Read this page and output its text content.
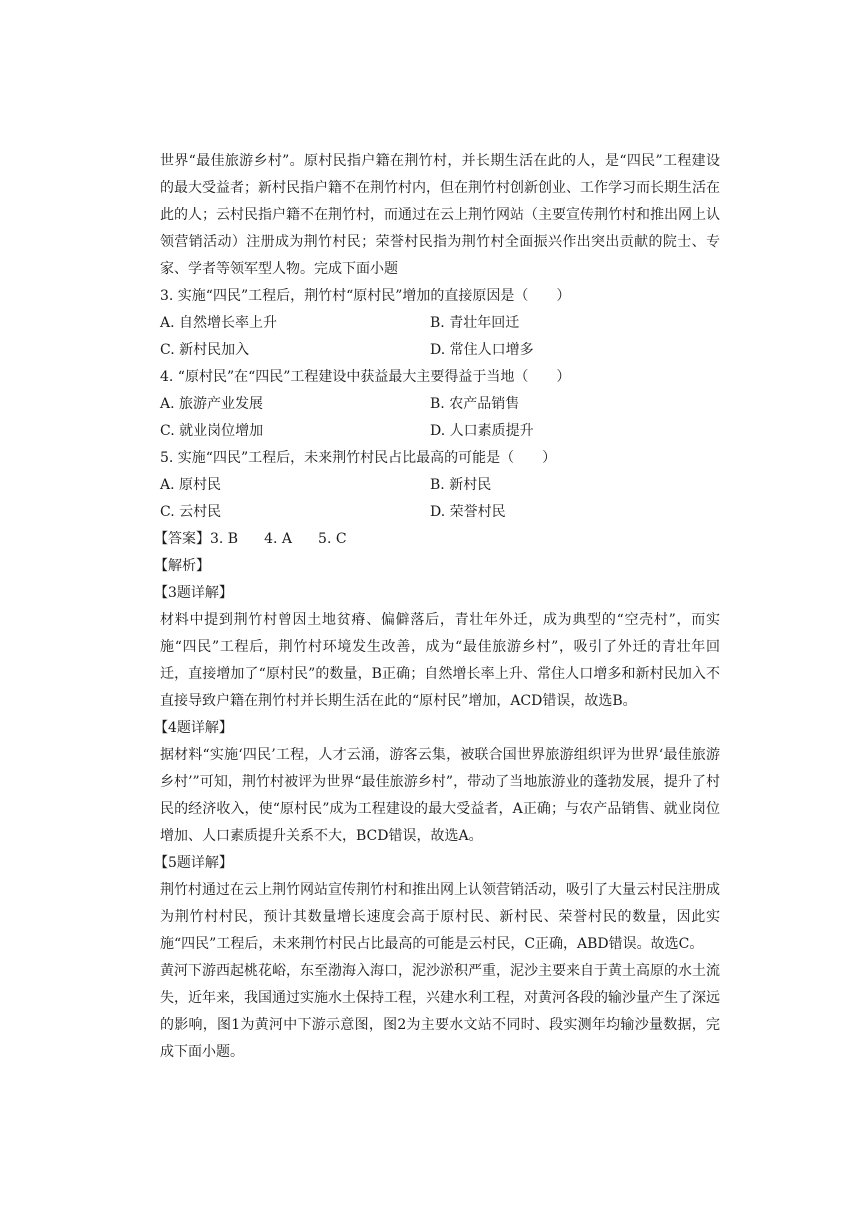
世界“最佳旅游乡村”。原村民指户籍在荆竹村，并长期生活在此的人，是“四民”工程建设的最大受益者；新村民指户籍不在荆竹村内，但在荆竹村创新创业、工作学习而长期生活在此的人；云村民指户籍不在荆竹村，而通过在云上荆竹网站（主要宣传荆竹村和推出网上认领营销活动）注册成为荆竹村民；荣誉村民指为荆竹村全面振兴作出突出贡献的院士、专家、学者等领军型人物。完成下面小题
3. 实施“四民”工程后，荆竹村“原村民”增加的直接原因是（　　）
A. 自然增长率上升	B. 青壮年回迁
C. 新村民加入	D. 常住人口增多
4. “原村民”在“四民”工程建设中获益最大主要得益于当地（　　）
A. 旅游产业发展	B. 农产品销售
C. 就业岗位增加	D. 人口素质提升
5. 实施“四民”工程后，未来荆竹村民占比最高的可能是（　　）
A. 原村民	B. 新村民
C. 云村民	D. 荣誉村民
【答案】3. B 4. A 5. C
【解析】
【3题详解】
材料中提到荆竹村曾因土地贫瘠、偏僻落后，青壮年外迁，成为典型的“空壳村”，而实施“四民”工程后，荆竹村环境发生改善，成为“最佳旅游乡村”，吸引了外迁的青壮年回迁，直接增加了“原村民”的数量，B正确；自然增长率上升、常住人口增多和新村民加入不直接导致户籍在荆竹村并长期生活在此的“原村民”增加，ACD错误，故选B。
【4题详解】
据材料“实施‘四民’工程，人才云涌，游客云集，被联合国世界旅游组织评为世界‘最佳旅游乡村’”可知，荆竹村被评为世界“最佳旅游乡村”，带动了当地旅游业的蓬勃发展，提升了村民的经济收入，使“原村民”成为工程建设的最大受益者，A正确；与农产品销售、就业岗位增加、人口素质提升关系不大，BCD错误，故选A。
【5题详解】
荆竹村通过在云上荆竹网站宣传荆竹村和推出网上认领营销活动，吸引了大量云村民注册成为荆竹村村民，预计其数量增长速度会高于原村民、新村民、荣誉村民的数量，因此实施“四民”工程后，未来荆竹村民占比最高的可能是云村民，C正确，ABD错误。故选C。
黄河下游西起桃花峪，东至渤海入海口，泥沙淤积严重，泥沙主要来自于黄土高原的水土流失，近年来，我国通过实施水土保持工程，兴建水利工程，对黄河各段的输沙量产生了深远的影响，图1为黄河中下游示意图，图2为主要水文站不同时、段实测年均输沙量数据，完成下面小题。
